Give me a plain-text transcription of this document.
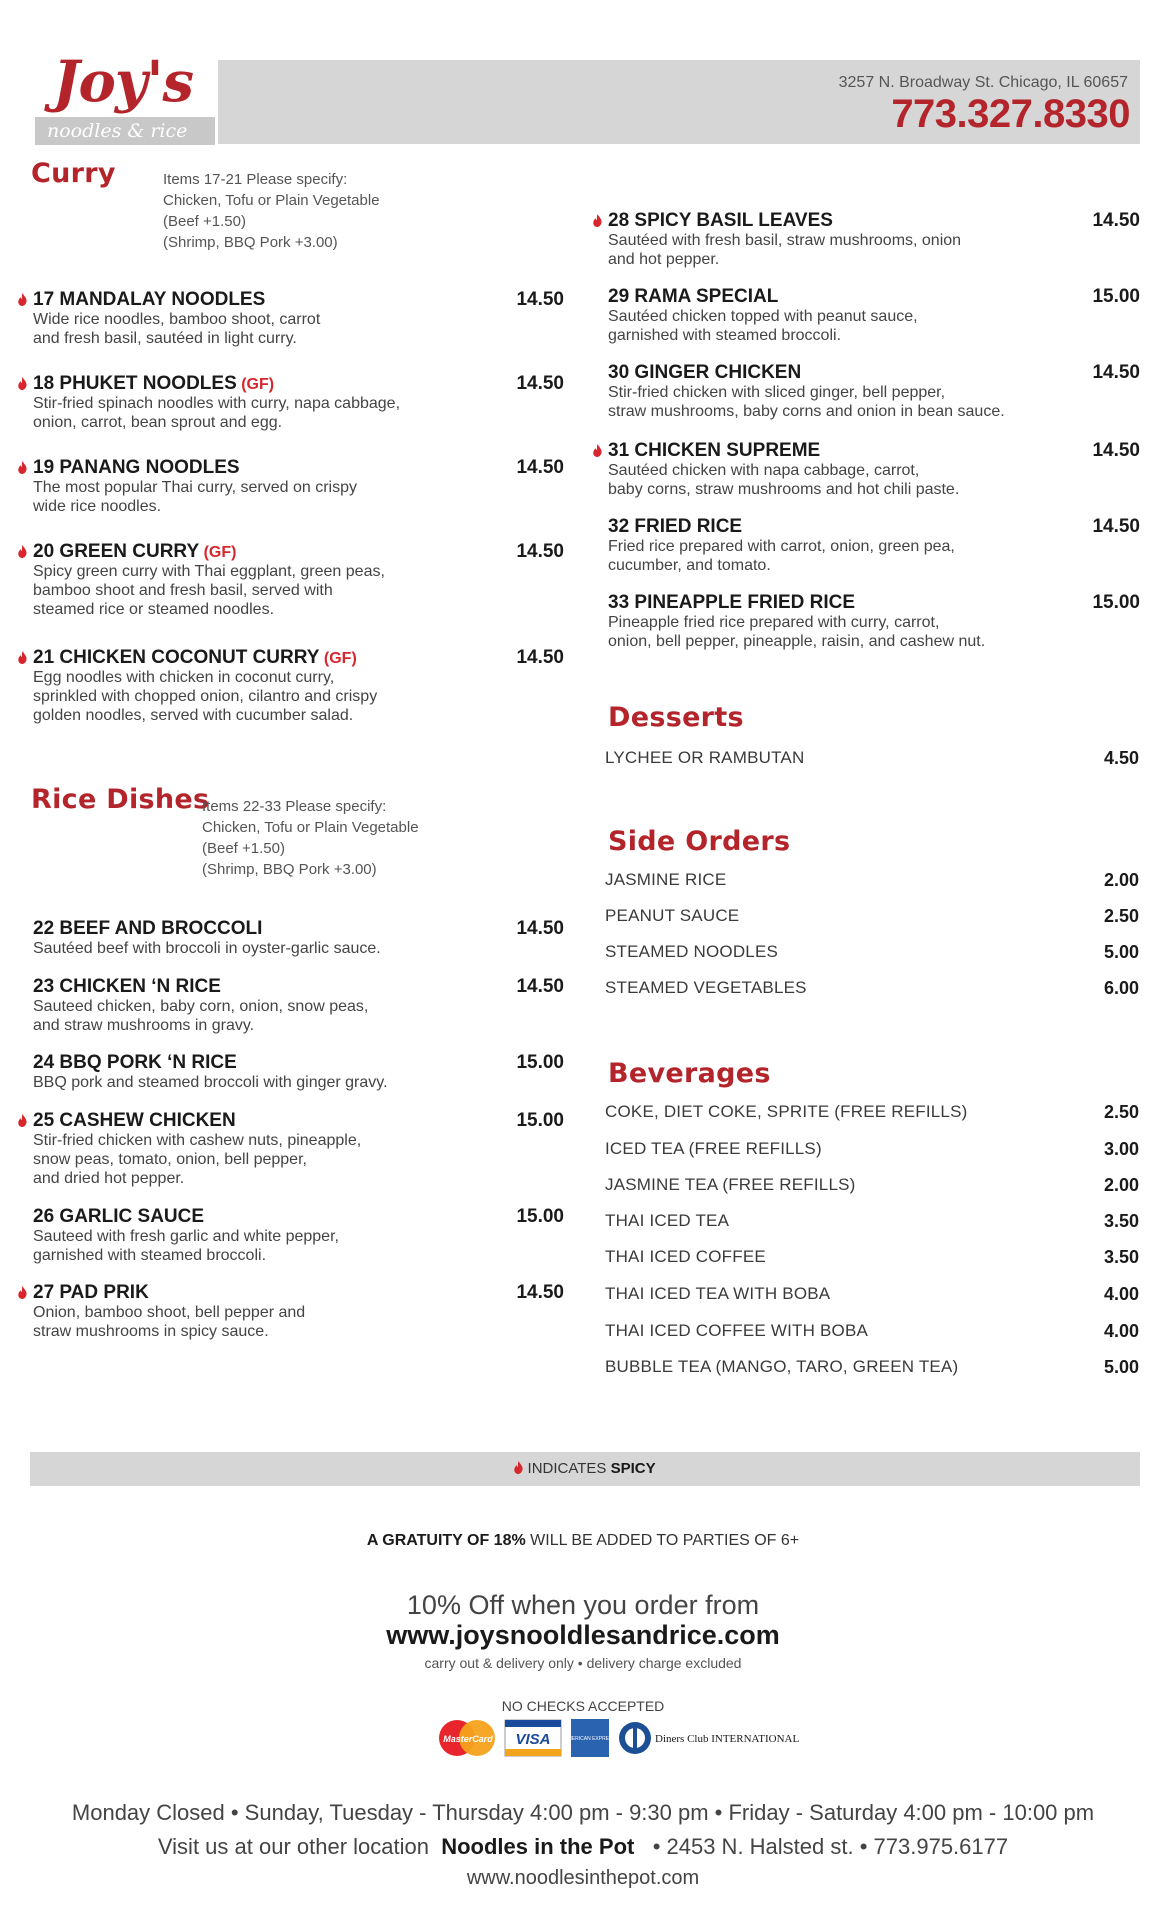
Joy's
noodles & rice
3257 N. Broadway St. Chicago, IL 60657
773.327.8330
Curry	Items 17-21 Please specify:
Chicken, Tofu or Plain Vegetable
(Beef +1.50)
(Shrimp, BBQ Pork +3.00)
17 MANDALAY NOODLES	14.50
Wide rice noodles, bamboo shoot, carrot
and fresh basil, sautéed in light curry.
18 PHUKET NOODLES (GF)	14.50
Stir-fried spinach noodles with curry, napa cabbage,
onion, carrot, bean sprout and egg.
19 PANANG NOODLES	14.50
The most popular Thai curry, served on crispy
wide rice noodles.
20 GREEN CURRY (GF)	14.50
Spicy green curry with Thai eggplant, green peas,
bamboo shoot and fresh basil, served with
steamed rice or steamed noodles.
21 CHICKEN COCONUT CURRY (GF)	14.50
Egg noodles with chicken in coconut curry,
sprinkled with chopped onion, cilantro and crispy
golden noodles, served with cucumber salad.
Rice Dishes
Items 22-33 Please specify:
Chicken, Tofu or Plain Vegetable
(Beef +1.50)
(Shrimp, BBQ Pork +3.00)
22 BEEF AND BROCCOLI	14.50
Sautéed beef with broccoli in oyster-garlic sauce.
23 CHICKEN ‘N RICE	14.50
Sauteed chicken, baby corn, onion, snow peas,
and straw mushrooms in gravy.
24 BBQ PORK ‘N RICE	15.00
BBQ pork and steamed broccoli with ginger gravy.
25 CASHEW CHICKEN	15.00
Stir-fried chicken with cashew nuts, pineapple,
snow peas, tomato, onion, bell pepper,
and dried hot pepper.
26 GARLIC SAUCE	15.00
Sauteed with fresh garlic and white pepper,
garnished with steamed broccoli.
27 PAD PRIK	14.50
Onion, bamboo shoot, bell pepper and
straw mushrooms in spicy sauce.
28 SPICY BASIL LEAVES	14.50
Sautéed with fresh basil, straw mushrooms, onion
and hot pepper.
29 RAMA SPECIAL	15.00
Sautéed chicken topped with peanut sauce,
garnished with steamed broccoli.
30 GINGER CHICKEN	14.50
Stir-fried chicken with sliced ginger, bell pepper,
straw mushrooms, baby corns and onion in bean sauce.
31 CHICKEN SUPREME	14.50
Sautéed chicken with napa cabbage, carrot,
baby corns, straw mushrooms and hot chili paste.
32 FRIED RICE	14.50
Fried rice prepared with carrot, onion, green pea,
cucumber, and tomato.
33 PINEAPPLE FRIED RICE	15.00
Pineapple fried rice prepared with curry, carrot,
onion, bell pepper, pineapple, raisin, and cashew nut.
Desserts
LYCHEE OR RAMBUTAN	4.50
Side Orders
JASMINE RICE	2.00
PEANUT SAUCE	2.50
STEAMED NOODLES	5.00
STEAMED VEGETABLES	6.00
Beverages
COKE, DIET COKE, SPRITE (FREE REFILLS)	2.50
ICED TEA (FREE REFILLS)	3.00
JASMINE TEA (FREE REFILLS)	2.00
THAI ICED TEA	3.50
THAI ICED COFFEE	3.50
THAI ICED TEA WITH BOBA	4.00
THAI ICED COFFEE WITH BOBA	4.00
BUBBLE TEA (MANGO, TARO, GREEN TEA)	5.00
INDICATES SPICY
A GRATUITY OF 18% WILL BE ADDED TO PARTIES OF 6+
10% Off when you order from
www.joysnooldlesandrice.com
carry out & delivery only • delivery charge excluded
NO CHECKS ACCEPTED
MasterCard VISA	AMERICAN EXPRESS	Diners Club INTERNATIONAL
Monday Closed • Sunday, Tuesday - Thursday 4:00 pm - 9:30 pm • Friday - Saturday 4:00 pm - 10:00 pm
Visit us at our other location Noodles in the Pot • 2453 N. Halsted st. • 773.975.6177
www.noodlesinthepot.com
